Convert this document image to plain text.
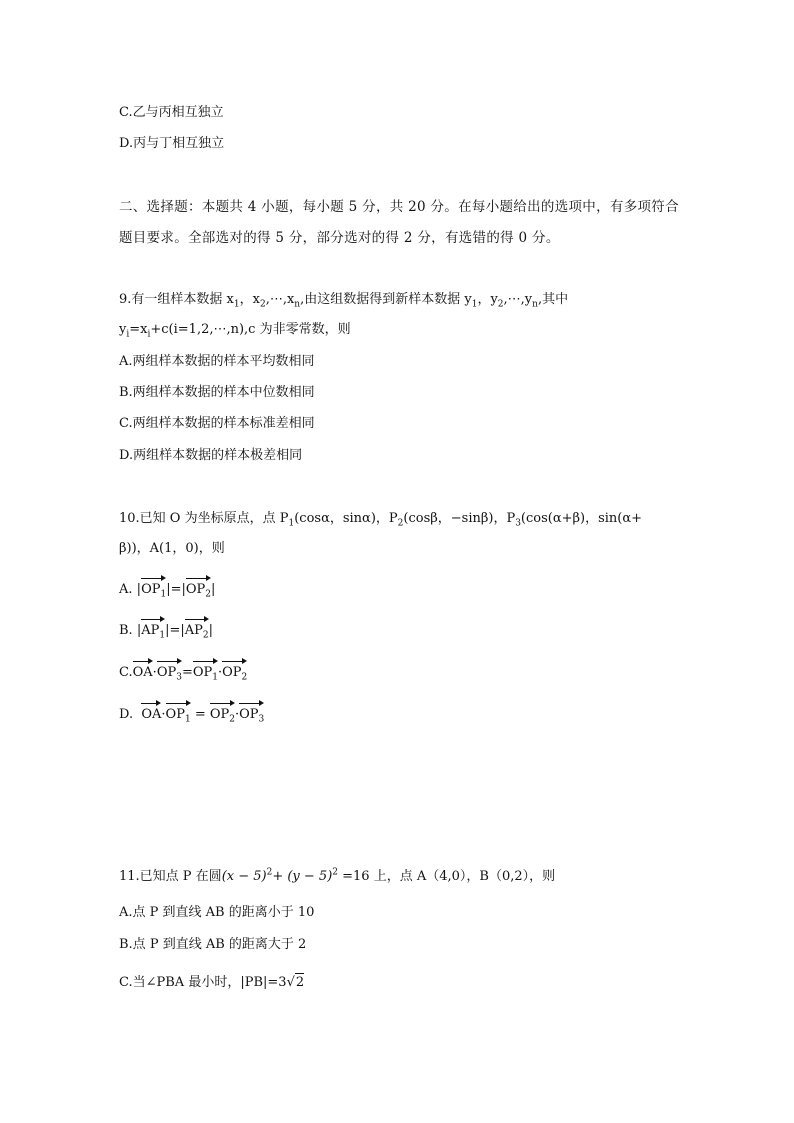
C.乙与丙相互独立
D.丙与丁相互独立
二、选择题：本题共 4 小题，每小题 5 分，共 20 分。在每小题给出的选项中，有多项符合
题目要求。全部选对的得 5 分，部分选对的得 2 分，有选错的得 0 分。
9.有一组样本数据 $x_1$，$x_2,\cdots,x_n$,由这组数据得到新样本数据 $y_1$，$y_2,\cdots,y_n$,其中
$y_i=x_i+c(i=1,2,\cdots,n),c$ 为非零常数，则
A.两组样本数据的样本平均数相同
B.两组样本数据的样本中位数相同
C.两组样本数据的样本标准差相同
D.两组样本数据的样本极差相同
10.已知 O 为坐标原点，点 $P_1(\cos\alpha$，sinα)，$P_2(\cos\beta$，−sinβ)，$P_3(\cos(\alpha+\beta)$，sin(α+
β))，A(1，0)，则
A. $|OP_1|=|OP_2|$
B. $|AP_1|=|AP_2|$
$C.OA\cdot OP_3=OP_1\cdot OP_2$
D. $OA\cdot OP_1 = OP_2\cdot OP_3$
11.已知点 P 在圆$(x - 5)^2+ (y - 5)^2 =16$ 上，点 A（4,0），B（0,2），则
A.点 P 到直线 AB 的距离小于 10
B.点 P 到直线 AB 的距离大于 2
C.当∠PBA 最小时，|PB|=3√2
